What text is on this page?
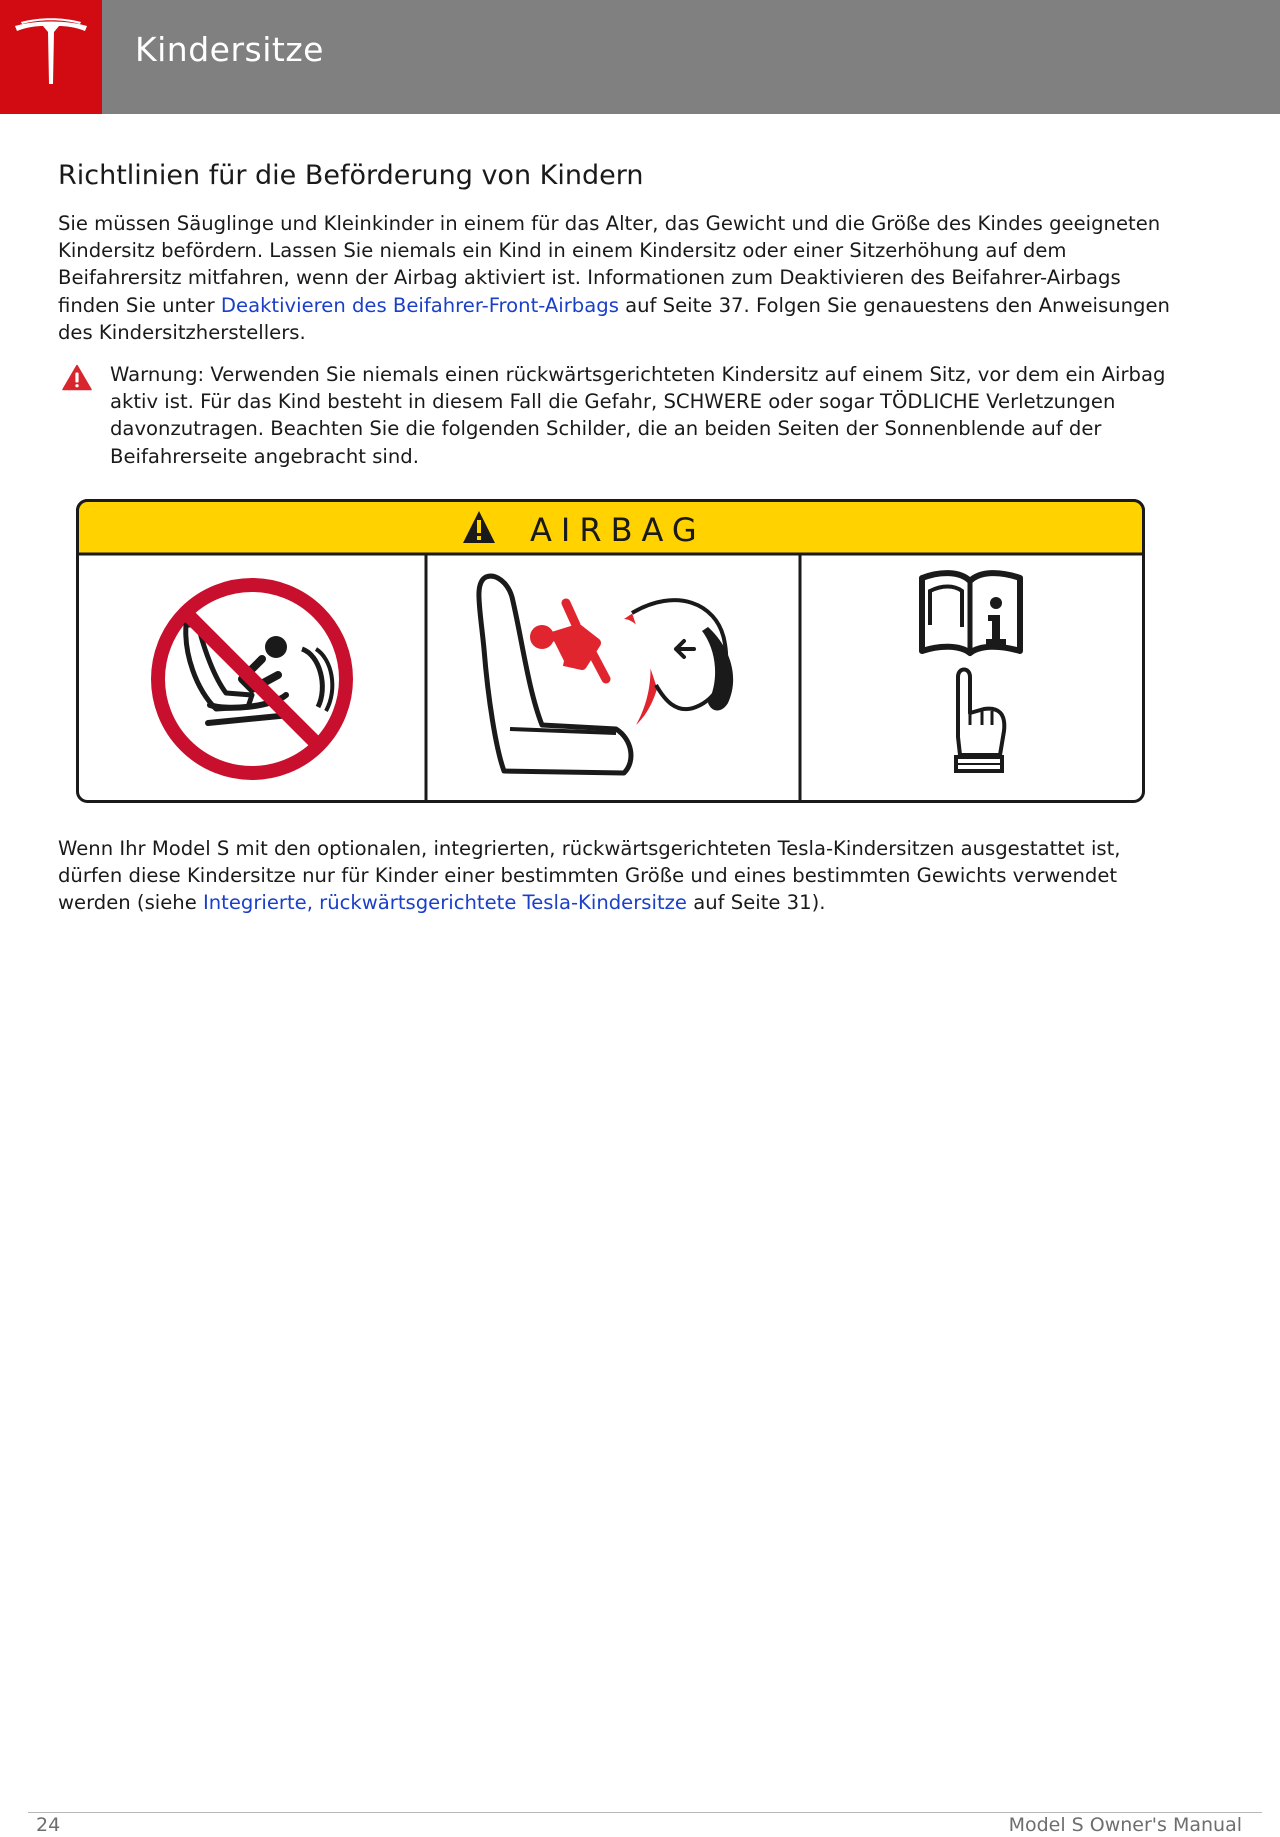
Kindersitze
Richtlinien für die Beförderung von Kindern

Sie müssen Säuglinge und Kleinkinder in einem für das Alter, das Gewicht und die Größe des Kindes geeigneten Kindersitz befördern. Lassen Sie niemals ein Kind in einem Kindersitz oder einer Sitzerhöhung auf dem Beifahrersitz mitfahren, wenn der Airbag aktiviert ist. Informationen zum Deaktivieren des Beifahrer-Airbags finden Sie unter Deaktivieren des Beifahrer-Front-Airbags auf Seite 37. Folgen Sie genauestens den Anweisungen des Kindersitzherstellers.

Warnung: Verwenden Sie niemals einen rückwärtsgerichteten Kindersitz auf einem Sitz, vor dem ein Airbag aktiv ist. Für das Kind besteht in diesem Fall die Gefahr, SCHWERE oder sogar TÖDLICHE Verletzungen davonzutragen. Beachten Sie die folgenden Schilder, die an beiden Seiten der Sonnenblende auf der Beifahrerseite angebracht sind.

AIRBAG

Wenn Ihr Model S mit den optionalen, integrierten, rückwärtsgerichteten Tesla-Kindersitzen ausgestattet ist, dürfen diese Kindersitze nur für Kinder einer bestimmten Größe und eines bestimmten Gewichts verwendet werden (siehe Integrierte, rückwärtsgerichtete Tesla-Kindersitze auf Seite 31).

24	Model S Owner's Manual
